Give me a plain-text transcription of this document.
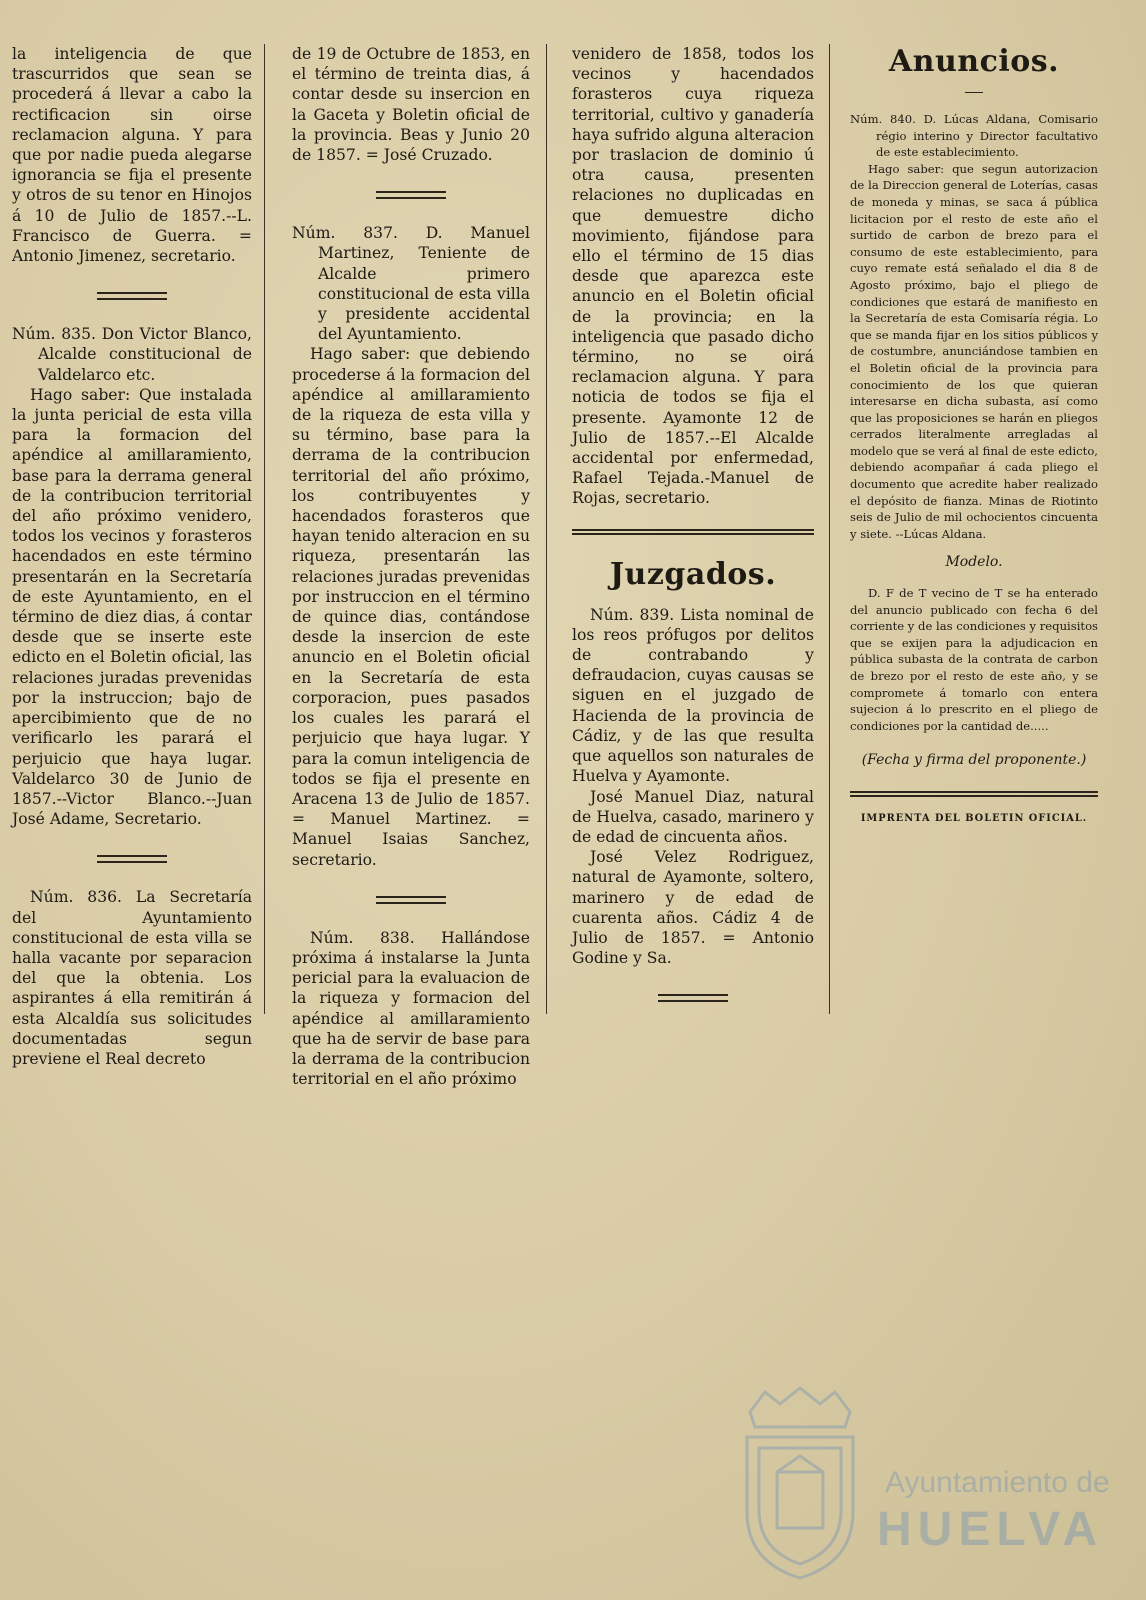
la inteligencia de que trascurridos que sean se procederá á llevar a cabo la rectificacion sin oirse reclamacion alguna. Y para que por nadie pueda alegarse ignorancia se fija el presente y otros de su tenor en Hinojos á 10 de Julio de 1857.--L. Francisco de Guerra. = Antonio Jimenez, secretario.

Núm. 835. Don Victor Blanco, Alcalde constitucional de Valdelarco etc.

Hago saber: Que instalada la junta pericial de esta villa para la formacion del apéndice al amillaramiento, base para la derrama general de la contribucion territorial del año próximo venidero, todos los vecinos y forasteros hacendados en este término presentarán en la Secretaría de este Ayuntamiento, en el término de diez dias, á contar desde que se inserte este edicto en el Boletin oficial, las relaciones juradas prevenidas por la instruccion; bajo de apercibimiento que de no verificarlo les parará el perjuicio que haya lugar. Valdelarco 30 de Junio de 1857.--Victor Blanco.--Juan José Adame, Secretario.

Núm. 836. La Secretaría del Ayuntamiento constitucional de esta villa se halla vacante por separacion del que la obtenia. Los aspirantes á ella remitirán á esta Alcaldía sus solicitudes documentadas segun previene el Real decreto

de 19 de Octubre de 1853, en el término de treinta dias, á contar desde su insercion en la Gaceta y Boletin oficial de la provincia. Beas y Junio 20 de 1857. = José Cruzado.

Núm. 837. D. Manuel Martinez, Teniente de Alcalde primero constitucional de esta villa y presidente accidental del Ayuntamiento.

Hago saber: que debiendo procederse á la formacion del apéndice al amillaramiento de la riqueza de esta villa y su término, base para la derrama de la contribucion territorial del año próximo, los contribuyentes y hacendados forasteros que hayan tenido alteracion en su riqueza, presentarán las relaciones juradas prevenidas por instruccion en el término de quince dias, contándose desde la insercion de este anuncio en el Boletin oficial en la Secretaría de esta corporacion, pues pasados los cuales les parará el perjuicio que haya lugar. Y para la comun inteligencia de todos se fija el presente en Aracena 13 de Julio de 1857. = Manuel Martinez. = Manuel Isaias Sanchez, secretario.

Núm. 838. Hallándose próxima á instalarse la Junta pericial para la evaluacion de la riqueza y formacion del apéndice al amillaramiento que ha de servir de base para la derrama de la contribucion territorial en el año próximo

venidero de 1858, todos los vecinos y hacendados forasteros cuya riqueza territorial, cultivo y ganadería haya sufrido alguna alteracion por traslacion de dominio ú otra causa, presenten relaciones no duplicadas en que demuestre dicho movimiento, fijándose para ello el término de 15 dias desde que aparezca este anuncio en el Boletin oficial de la provincia; en la inteligencia que pasado dicho término, no se oirá reclamacion alguna. Y para noticia de todos se fija el presente. Ayamonte 12 de Julio de 1857.--El Alcalde accidental por enfermedad, Rafael Tejada.-Manuel de Rojas, secretario.

Juzgados.

Núm. 839. Lista nominal de los reos prófugos por delitos de contrabando y defraudacion, cuyas causas se siguen en el juzgado de Hacienda de la provincia de Cádiz, y de las que resulta que aquellos son naturales de Huelva y Ayamonte.

José Manuel Diaz, natural de Huelva, casado, marinero y de edad de cincuenta años.

José Velez Rodriguez, natural de Ayamonte, soltero, marinero y de edad de cuarenta años. Cádiz 4 de Julio de 1857. = Antonio Godine y Sa.

Anuncios.

Núm. 840. D. Lúcas Aldana, Comisario régio interino y Director facultativo de este establecimiento.

Hago saber: que segun autorizacion de la Direccion general de Loterías, casas de moneda y minas, se saca á pública licitacion por el resto de este año el surtido de carbon de brezo para el consumo de este establecimiento, para cuyo remate está señalado el dia 8 de Agosto próximo, bajo el pliego de condiciones que estará de manifiesto en la Secretaría de esta Comisaría régia. Lo que se manda fijar en los sitios públicos y de costumbre, anunciándose tambien en el Boletin oficial de la provincia para conocimiento de los que quieran interesarse en dicha subasta, así como que las proposiciones se harán en pliegos cerrados literalmente arregladas al modelo que se verá al final de este edicto, debiendo acompañar á cada pliego el documento que acredite haber realizado el depósito de fianza. Minas de Riotinto seis de Julio de mil ochocientos cincuenta y siete. --Lúcas Aldana.

Modelo.

D. F de T vecino de T se ha enterado del anuncio publicado con fecha 6 del corriente y de las condiciones y requisitos que se exijen para la adjudicacion en pública subasta de la contrata de carbon de brezo por el resto de este año, y se compromete á tomarlo con entera sujecion á lo prescrito en el pliego de condiciones por la cantidad de.....

(Fecha y firma del proponente.)

IMPRENTA DEL BOLETIN OFICIAL.

Ayuntamiento de
HUELVA
